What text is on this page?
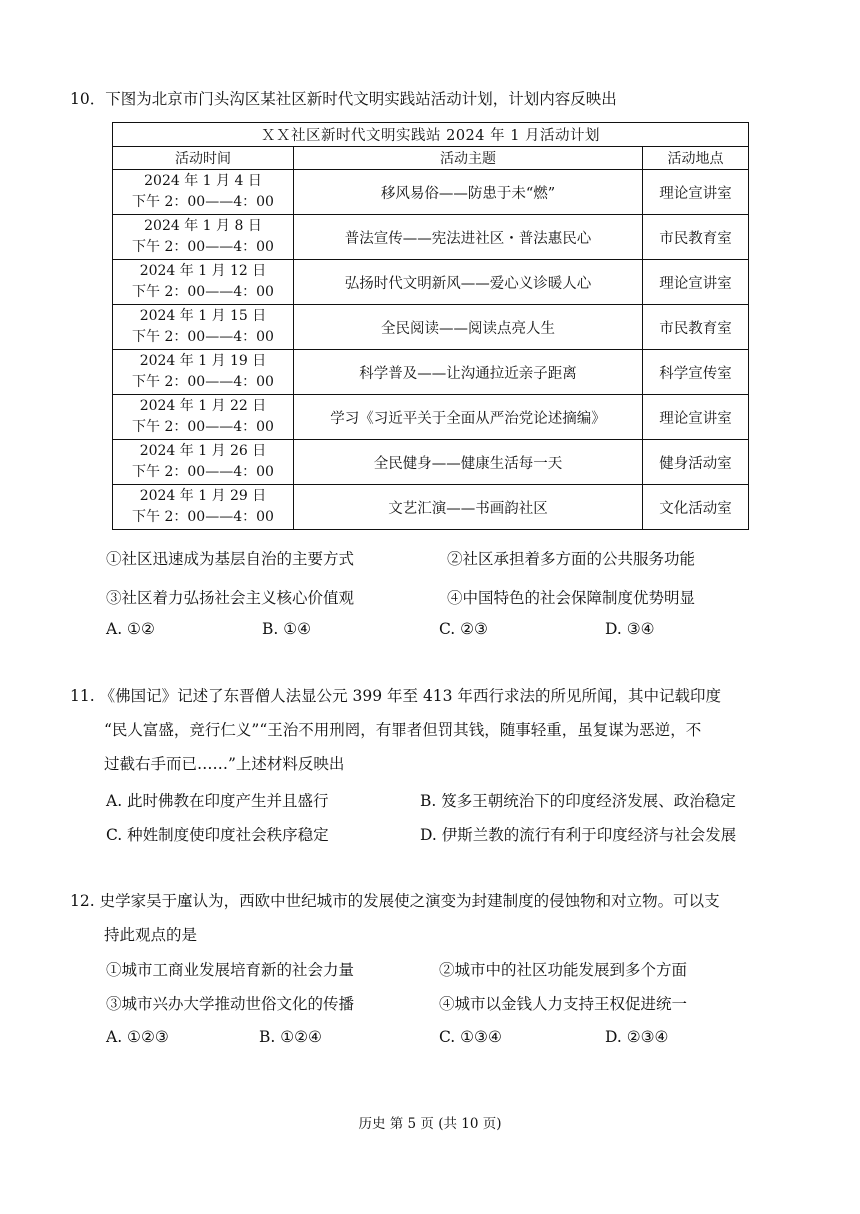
10．下图为北京市门头沟区某社区新时代文明实践站活动计划，计划内容反映出
ＸＸ社区新时代文明实践站 2024 年 1 月活动计划		
活动时间	活动主题	活动地点

2024 年 1 月 4 日
下午 2：00——4：00	移风易俗——防患于未“燃”	理论宣讲室

2024 年 1 月 8 日
下午 2：00——4：00	普法宣传——宪法进社区・普法惠民心	市民教育室

2024 年 1 月 12 日
下午 2：00——4：00	弘扬时代文明新风——爱心义诊暖人心	理论宣讲室

2024 年 1 月 15 日
下午 2：00——4：00	全民阅读——阅读点亮人生	市民教育室

2024 年 1 月 19 日
下午 2：00——4：00	科学普及——让沟通拉近亲子距离	科学宣传室

2024 年 1 月 22 日
下午 2：00——4：00	学习《习近平关于全面从严治党论述摘编》	理论宣讲室

2024 年 1 月 26 日
下午 2：00——4：00	全民健身——健康生活每一天	健身活动室

2024 年 1 月 29 日
下午 2：00——4：00	文艺汇演——书画韵社区	文化活动室
①社区迅速成为基层自治的主要方式	②社区承担着多方面的公共服务功能
③社区着力弘扬社会主义核心价值观	④中国特色的社会保障制度优势明显
A. ①②	B. ①④	C. ②③	D. ③④
11. 《佛国记》记述了东晋僧人法显公元 399 年至 413 年西行求法的所见所闻，其中记载印度
“民人富盛，竞行仁义”“王治不用刑罔，有罪者但罚其钱，随事轻重，虽复谋为恶逆，不
过截右手而已……”上述材料反映出
A. 此时佛教在印度产生并且盛行	B. 笈多王朝统治下的印度经济发展、政治稳定
C. 种姓制度使印度社会秩序稳定	D. 伊斯兰教的流行有利于印度经济与社会发展
12. 史学家吴于廑认为，西欧中世纪城市的发展使之演变为封建制度的侵蚀物和对立物。可以支
持此观点的是
①城市工商业发展培育新的社会力量	②城市中的社区功能发展到多个方面
③城市兴办大学推动世俗文化的传播	④城市以金钱人力支持王权促进统一
A. ①②③	B. ①②④	C. ①③④	D. ②③④
历史 第 5 页 (共 10 页)
